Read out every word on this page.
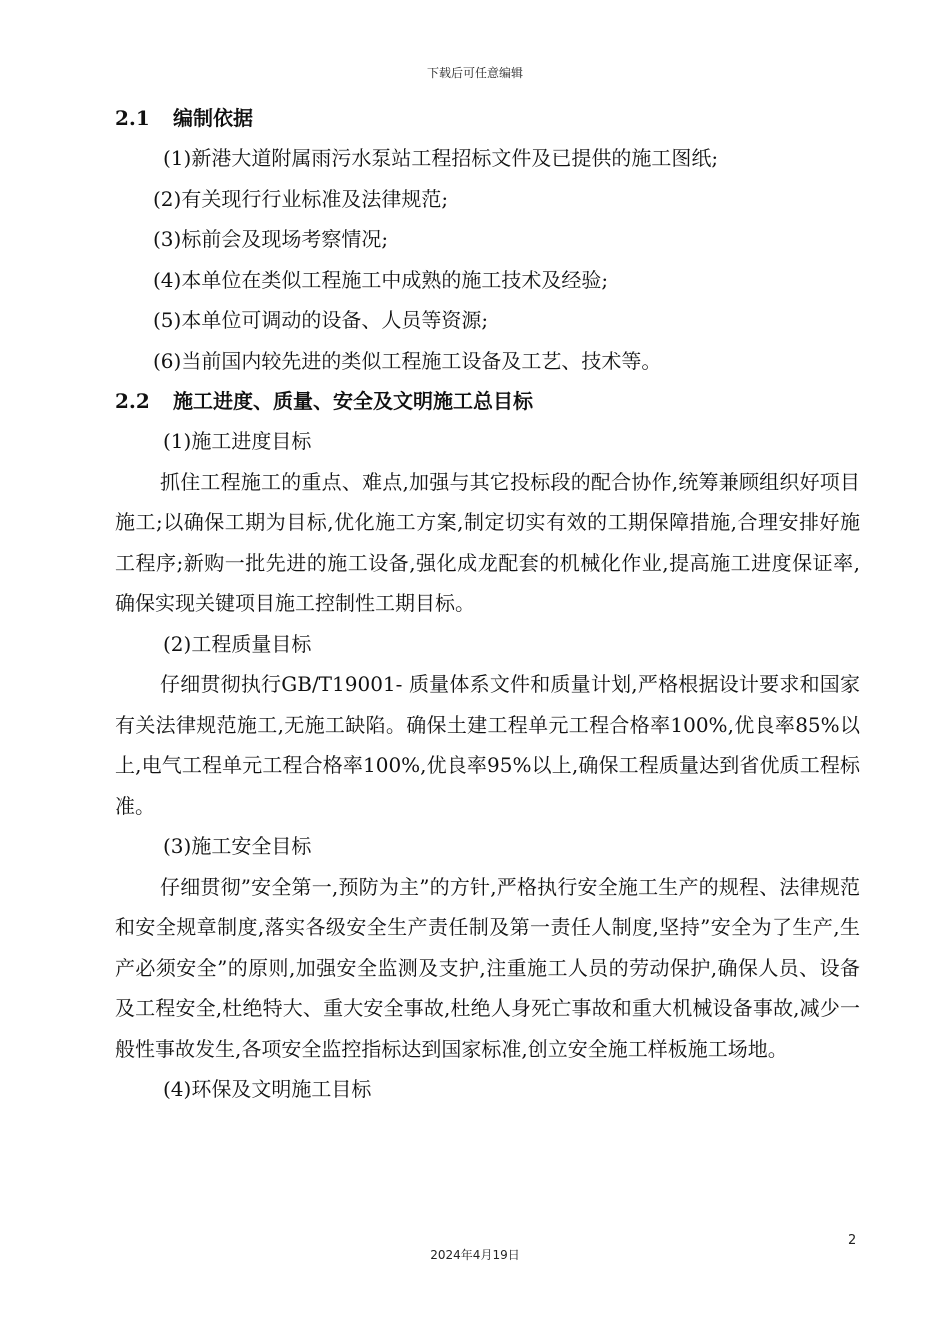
下载后可任意编辑
2.1 编制依据

(1)新港大道附属雨污水泵站工程招标文件及已提供的施工图纸;

(2)有关现行行业标准及法律规范;

(3)标前会及现场考察情况;

(4)本单位在类似工程施工中成熟的施工技术及经验;

(5)本单位可调动的设备、人员等资源;

(6)当前国内较先进的类似工程施工设备及工艺、技术等。

2.2 施工进度、质量、安全及文明施工总目标

(1)施工进度目标

抓住工程施工的重点、难点,加强与其它投标段的配合协作,统筹兼顾组织好项目施工;以确保工期为目标,优化施工方案,制定切实有效的工期保障措施,合理安排好施工程序;新购一批先进的施工设备,强化成龙配套的机械化作业,提高施工进度保证率,确保实现关键项目施工控制性工期目标。

(2)工程质量目标

仔细贯彻执行GB/T19001- 质量体系文件和质量计划,严格根据设计要求和国家有关法律规范施工,无施工缺陷。确保土建工程单元工程合格率100%,优良率85%以上,电气工程单元工程合格率100%,优良率95%以上,确保工程质量达到省优质工程标准。

(3)施工安全目标

仔细贯彻”安全第一,预防为主”的方针,严格执行安全施工生产的规程、法律规范和安全规章制度,落实各级安全生产责任制及第一责任人制度,坚持”安全为了生产,生产必须安全”的原则,加强安全监测及支护,注重施工人员的劳动保护,确保人员、设备及工程安全,杜绝特大、重大安全事故,杜绝人身死亡事故和重大机械设备事故,减少一般性事故发生,各项安全监控指标达到国家标准,创立安全施工样板施工场地。

(4)环保及文明施工目标

2
2024年4月19日
